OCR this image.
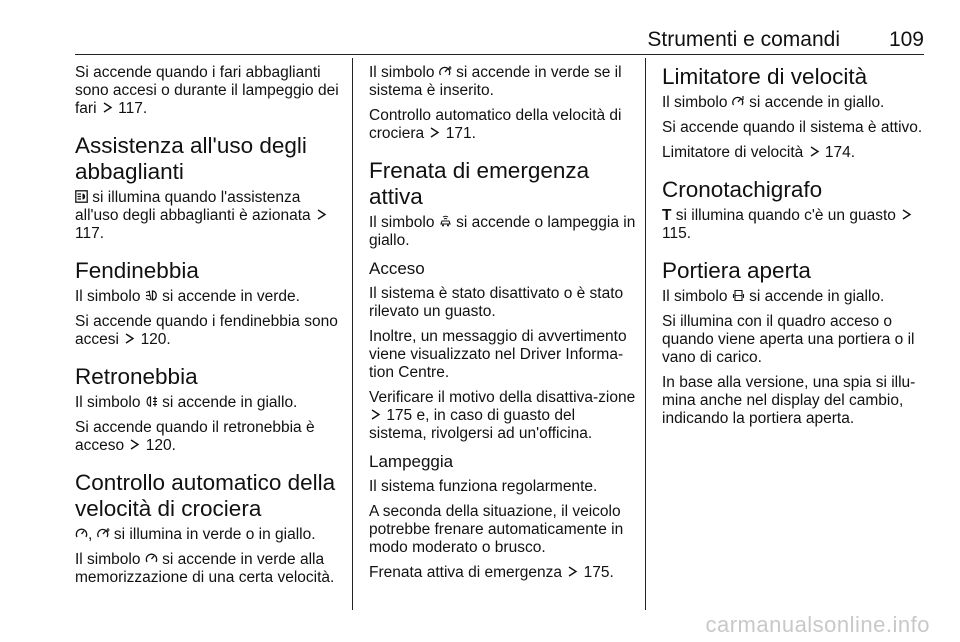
Strumenti e comandi 109

Si accende quando i fari abbaglianti sono accesi o durante il lampeggio dei fari
117.

Assistenza all'uso degli abbaglianti

si illumina quando l'assistenza all'uso degli abbaglianti è azionata
117.

Fendinebbia

Il simbolo
si accende in verde.

Si accende quando i fendinebbia sono accesi
120.

Retronebbia

Il simbolo
si accende in giallo.

Si accende quando il retronebbia è acceso
120.

Controllo automatico della velocità di crociera

,
si illumina in verde o in giallo.

Il simbolo
si accende in verde alla memorizzazione di una certa velocità.

Il simbolo
si accende in verde se il sistema è inserito.

Controllo automatico della velocità di crociera
171.

Frenata di emergenza attiva

Il simbolo
si accende o lampeggia in giallo.

Acceso

Il sistema è stato disattivato o è stato rilevato un guasto.

Inoltre, un messaggio di avvertimento viene visualizzato nel Driver Informa-tion Centre.

Verificare il motivo della disattiva-zione
175 e, in caso di guasto del sistema, rivolgersi ad un'officina.

Lampeggia

Il sistema funziona regolarmente.

A seconda della situazione, il veicolo potrebbe frenare automaticamente in modo moderato o brusco.

Frenata attiva di emergenza
175.

Limitatore di velocità

Il simbolo
si accende in giallo.

Si accende quando il sistema è attivo.

Limitatore di velocità
174.

Cronotachigrafo

T si illumina quando c'è un guasto
115.

Portiera aperta

Il simbolo
si accende in giallo.

Si illumina con il quadro acceso o quando viene aperta una portiera o il vano di carico.

In base alla versione, una spia si illu-mina anche nel display del cambio, indicando la portiera aperta.

carmanualsonline.info
